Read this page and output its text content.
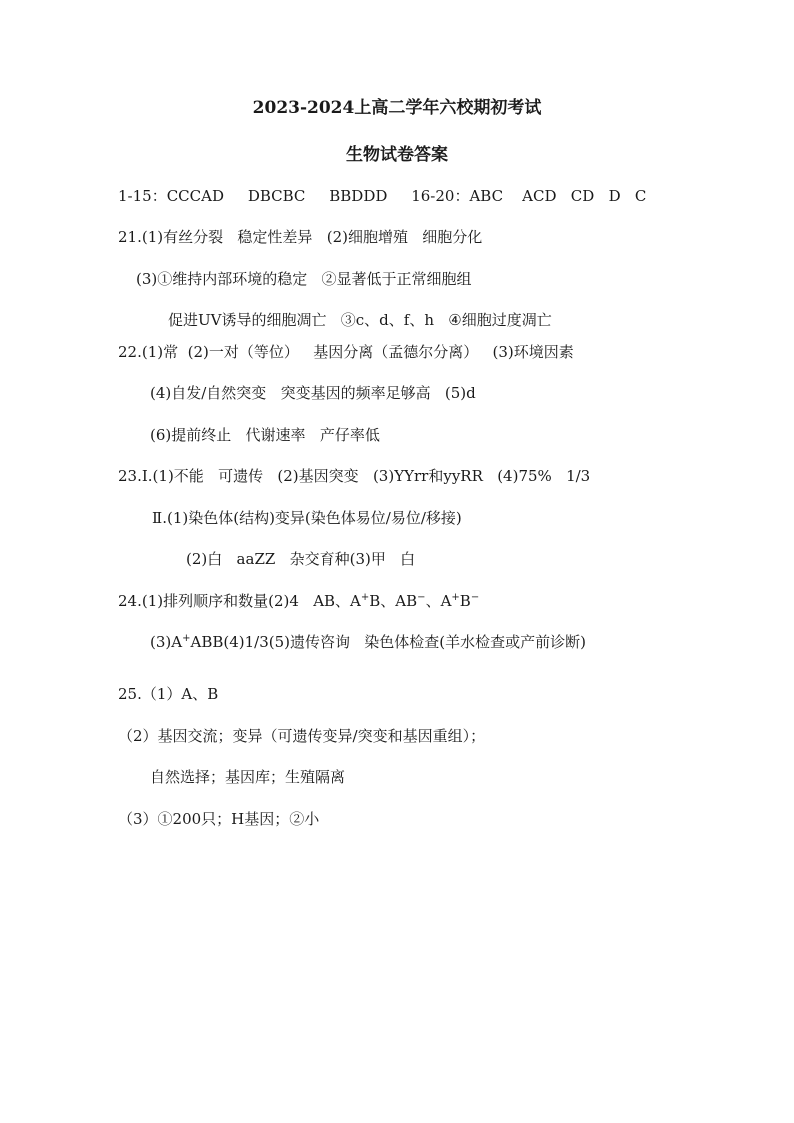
2023-2024上高二学年六校期初考试
生物试卷答案
1-15：CCCAD     DBCBC     BBDDD     16-20：ABC    ACD   CD   D   C
21.(1)有丝分裂   稳定性差异   (2)细胞增殖   细胞分化
(3)①维持内部环境的稳定   ②显著低于正常细胞组
促进UV诱导的细胞凋亡   ③c、d、f、h   ④细胞过度凋亡
22.(1)常  (2)一对（等位）   基因分离（孟德尔分离）   (3)环境因素
(4)自发/自然突变   突变基因的频率足够高   (5)d
(6)提前终止   代谢速率   产仔率低
23.Ⅰ.(1)不能   可遗传   (2)基因突变   (3)YYrr和yyRR   (4)75%   1/3
Ⅱ.(1)染色体(结构)变异(染色体易位/易位/移接)
(2)白   aaZZ   杂交育种(3)甲   白
24.(1)排列顺序和数量(2)4   AB、A+B、AB−、A+B−
(3)A+ABB(4)1/3(5)遗传咨询   染色体检查(羊水检查或产前诊断)
25.（1）A、B
（2）基因交流；变异（可遗传变异/突变和基因重组）；
自然选择；基因库；生殖隔离
（3）①200只；H基因；②小
